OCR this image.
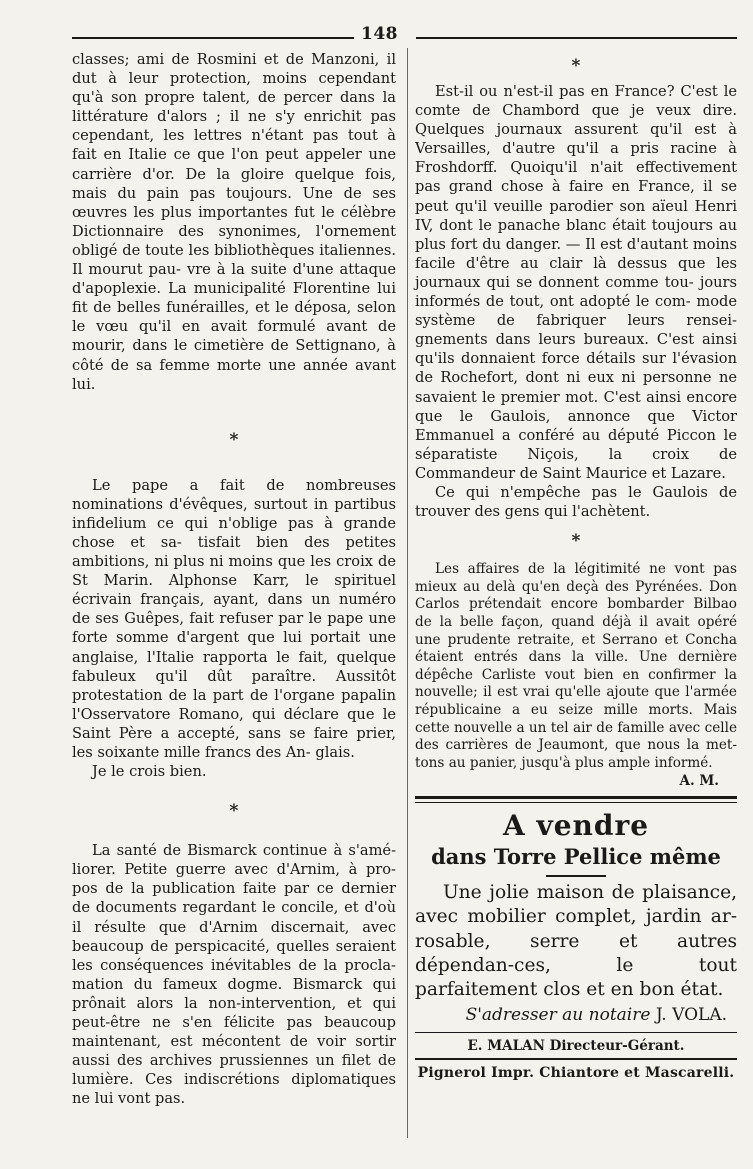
148

classes; ami de Rosmini et de Manzoni, il dut à leur protection, moins cependant qu'à son propre talent, de percer dans la littérature d'alors ; il ne s'y enrichit pas cependant, les lettres n'étant pas tout à fait en Italie ce que l'on peut appeler une carrière d'or. De la gloire quelque fois, mais du pain pas toujours. Une de ses œuvres les plus importantes fut le célèbre Dictionnaire des synonimes, l'ornement obligé de toute les bibliothèques italiennes. Il mourut pau- vre à la suite d'une attaque d'apoplexie. La municipalité Florentine lui fit de belles funérailles, et le déposa, selon le vœu qu'il en avait formulé avant de mourir, dans le cimetière de Settignano, à côté de sa femme morte une année avant lui.

*

Le pape a fait de nombreuses nominations d'évêques, surtout in partibus infidelium ce qui n'oblige pas à grande chose et sa- tisfait bien des petites ambitions, ni plus ni moins que les croix de St Marin. Alphonse Karr, le spirituel écrivain français, ayant, dans un numéro de ses Guêpes, fait refuser par le pape une forte somme d'argent que lui portait une anglaise, l'Italie rapporta le fait, quelque fabuleux qu'il dût paraître. Aussitôt protestation de la part de l'organe papalin l'Osservatore Romano, qui déclare que le Saint Père a accepté, sans se faire prier, les soixante mille francs des An- glais.

Je le crois bien.

*

La santé de Bismarck continue à s'amé- liorer. Petite guerre avec d'Arnim, à pro- pos de la publication faite par ce dernier de documents regardant le concile, et d'où il résulte que d'Arnim discernait, avec beaucoup de perspicacité, quelles seraient les conséquences inévitables de la procla- mation du fameux dogme. Bismarck qui prônait alors la non-intervention, et qui peut-être ne s'en félicite pas beaucoup maintenant, est mécontent de voir sortir aussi des archives prussiennes un filet de lumière. Ces indiscrétions diplomatiques ne lui vont pas.

*

Est-il ou n'est-il pas en France? C'est le comte de Chambord que je veux dire. Quelques journaux assurent qu'il est à Versailles, d'autre qu'il a pris racine à Froshdorff. Quoiqu'il n'ait effectivement pas grand chose à faire en France, il se peut qu'il veuille parodier son aïeul Henri IV, dont le panache blanc était toujours au plus fort du danger. — Il est d'autant moins facile d'être au clair là dessus que les journaux qui se donnent comme tou- jours informés de tout, ont adopté le com- mode système de fabriquer leurs rensei- gnements dans leurs bureaux. C'est ainsi qu'ils donnaient force détails sur l'évasion de Rochefort, dont ni eux ni personne ne savaient le premier mot. C'est ainsi encore que le Gaulois, annonce que Victor Emmanuel a conféré au député Piccon le séparatiste Niçois, la croix de Commandeur de Saint Maurice et Lazare.

Ce qui n'empêche pas le Gaulois de trouver des gens qui l'achètent.

*

Les affaires de la légitimité ne vont pas mieux au delà qu'en deçà des Pyrénées. Don Carlos prétendait encore bombarder Bilbao de la belle façon, quand déjà il avait opéré une prudente retraite, et Serrano et Concha étaient entrés dans la ville. Une dernière dépêche Carliste vout bien en confirmer la nouvelle; il est vrai qu'elle ajoute que l'armée républicaine a eu seize mille morts. Mais cette nouvelle a un tel air de famille avec celle des carrières de Jeaumont, que nous la met- tons au panier, jusqu'à plus ample informé.

A. M.
A vendre
dans Torre Pellice même

Une jolie maison de plaisance, avec mobilier complet, jardin ar-rosable, serre et autres dépendan-ces, le tout parfaitement clos et en bon état.

S'adresser au notaire J. VOLA.
E. MALAN Directeur-Gérant.
Pignerol Impr. Chiantore et Mascarelli.
